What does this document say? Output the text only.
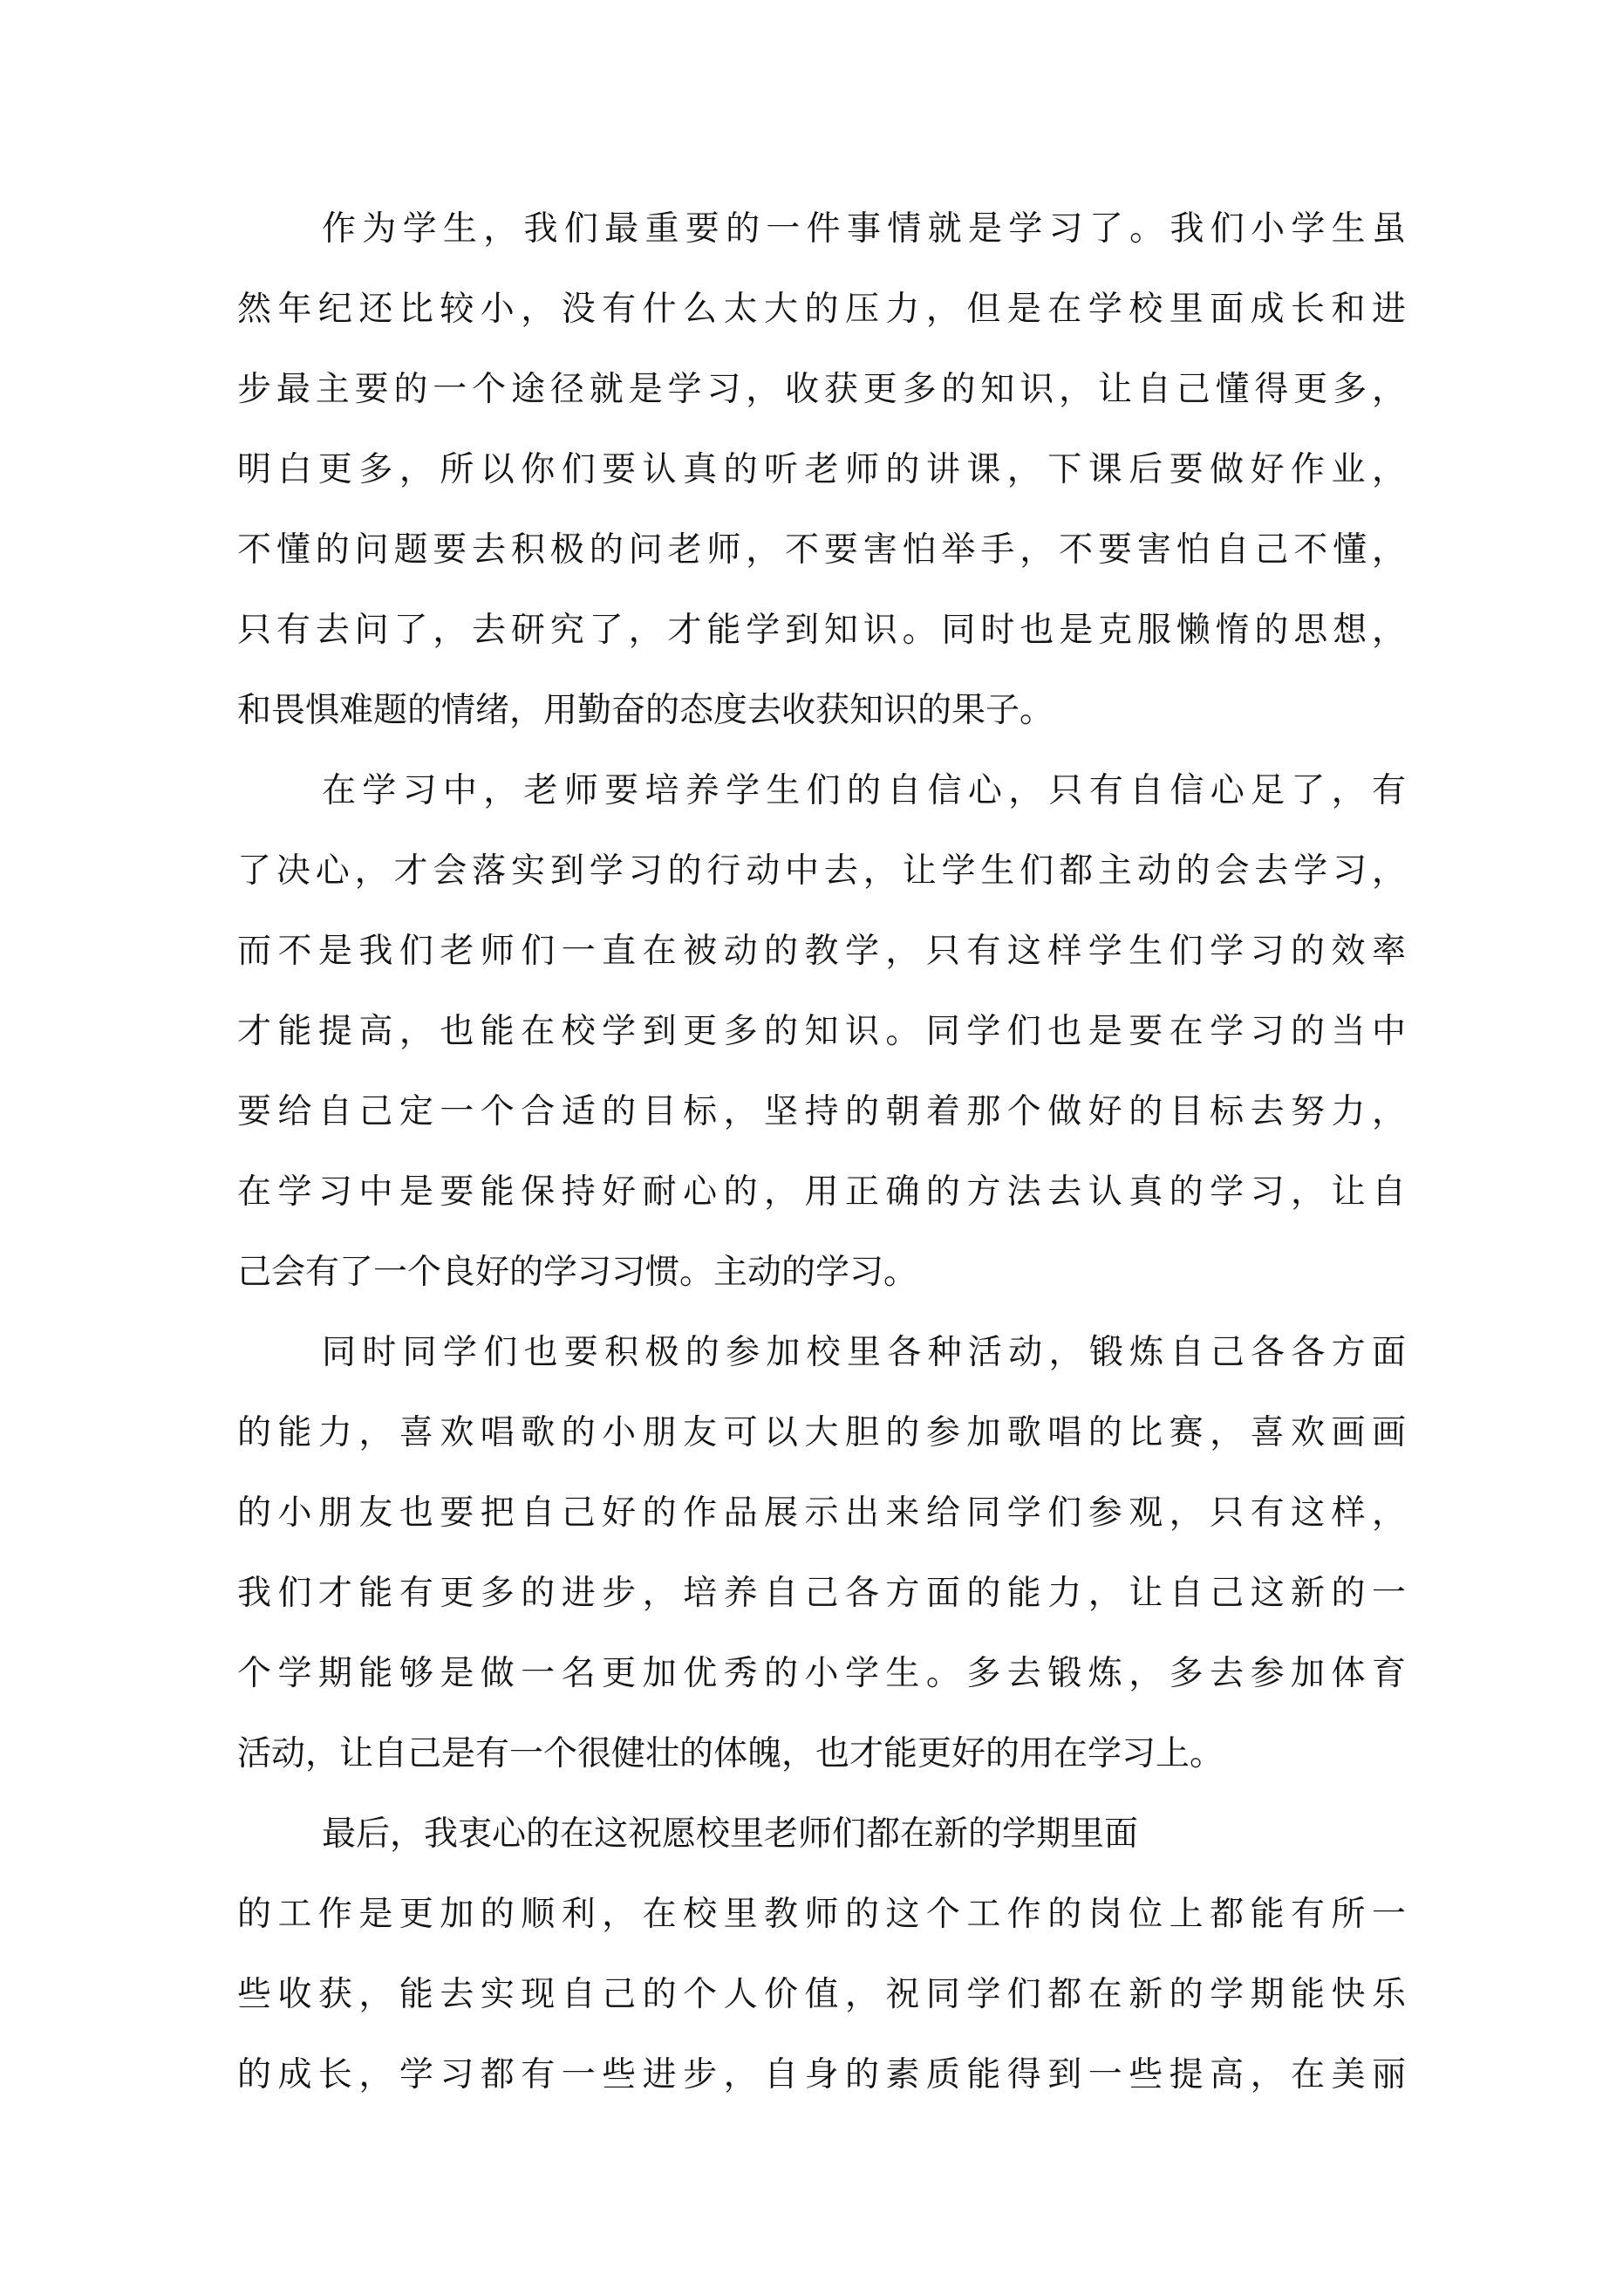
作为学生，我们最重要的一件事情就是学习了。我们小学生虽
然年纪还比较小，没有什么太大的压力，但是在学校里面成长和进
步最主要的一个途径就是学习，收获更多的知识，让自己懂得更多，
明白更多，所以你们要认真的听老师的讲课，下课后要做好作业，
不懂的问题要去积极的问老师，不要害怕举手，不要害怕自己不懂，
只有去问了，去研究了，才能学到知识。同时也是克服懒惰的思想，
和畏惧难题的情绪，用勤奋的态度去收获知识的果子。
在学习中，老师要培养学生们的自信心，只有自信心足了，有
了决心，才会落实到学习的行动中去，让学生们都主动的会去学习，
而不是我们老师们一直在被动的教学，只有这样学生们学习的效率
才能提高，也能在校学到更多的知识。同学们也是要在学习的当中
要给自己定一个合适的目标，坚持的朝着那个做好的目标去努力，
在学习中是要能保持好耐心的，用正确的方法去认真的学习，让自
己会有了一个良好的学习习惯。主动的学习。
同时同学们也要积极的参加校里各种活动，锻炼自己各各方面
的能力，喜欢唱歌的小朋友可以大胆的参加歌唱的比赛，喜欢画画
的小朋友也要把自己好的作品展示出来给同学们参观，只有这样，
我们才能有更多的进步，培养自己各方面的能力，让自己这新的一
个学期能够是做一名更加优秀的小学生。多去锻炼，多去参加体育
活动，让自己是有一个很健壮的体魄，也才能更好的用在学习上。
最后，我衷心的在这祝愿校里老师们都在新的学期里面
的工作是更加的顺利，在校里教师的这个工作的岗位上都能有所一
些收获，能去实现自己的个人价值，祝同学们都在新的学期能快乐
的成长，学习都有一些进步，自身的素质能得到一些提高，在美丽
